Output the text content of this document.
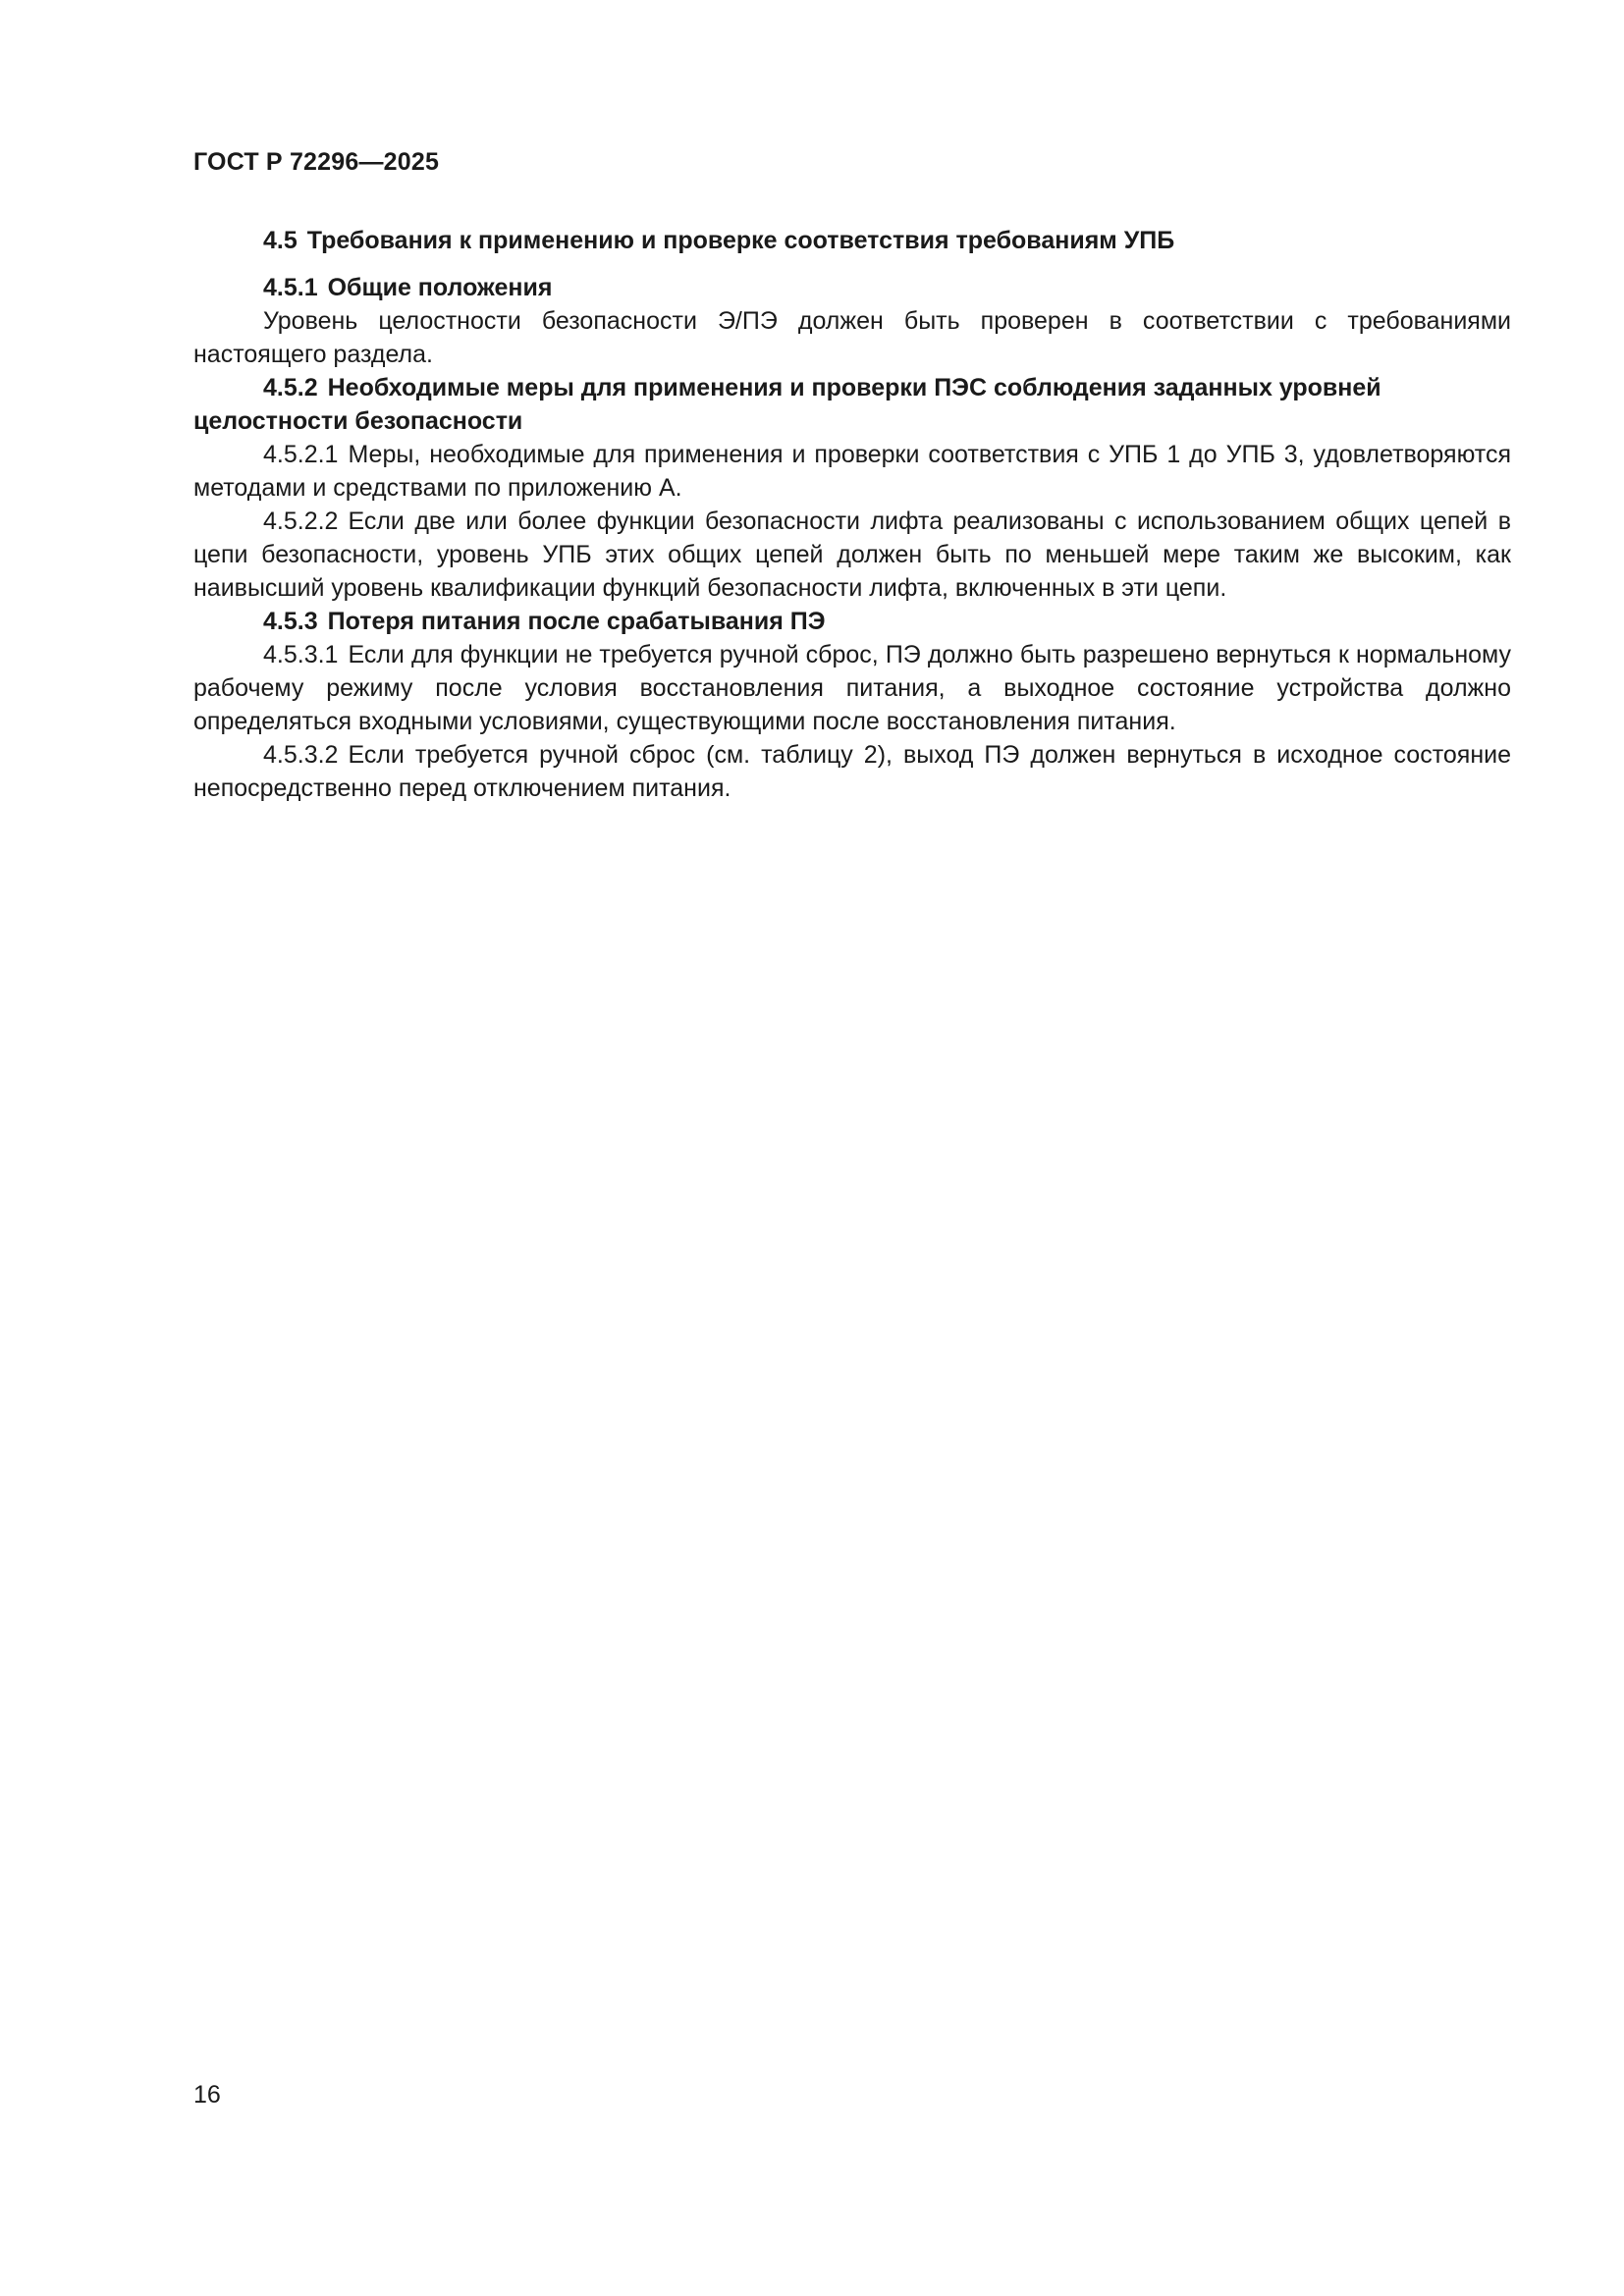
ГОСТ Р 72296—2025

4.5 Требования к применению и проверке соответствия требованиям УПБ

4.5.1 Общие положения

Уровень целостности безопасности Э/ПЭ должен быть проверен в соответствии с требованиями настоящего раздела.

4.5.2 Необходимые меры для применения и проверки ПЭС соблюдения заданных уровней целостности безопасности

4.5.2.1 Меры, необходимые для применения и проверки соответствия с УПБ 1 до УПБ 3, удовлетворяются методами и средствами по приложению А.

4.5.2.2 Если две или более функции безопасности лифта реализованы с использованием общих цепей в цепи безопасности, уровень УПБ этих общих цепей должен быть по меньшей мере таким же высоким, как наивысший уровень квалификации функций безопасности лифта, включенных в эти цепи.

4.5.3 Потеря питания после срабатывания ПЭ

4.5.3.1 Если для функции не требуется ручной сброс, ПЭ должно быть разрешено вернуться к нормальному рабочему режиму после условия восстановления питания, а выходное состояние устройства должно определяться входными условиями, существующими после восстановления питания.

4.5.3.2 Если требуется ручной сброс (см. таблицу 2), выход ПЭ должен вернуться в исходное состояние непосредственно перед отключением питания.

16
